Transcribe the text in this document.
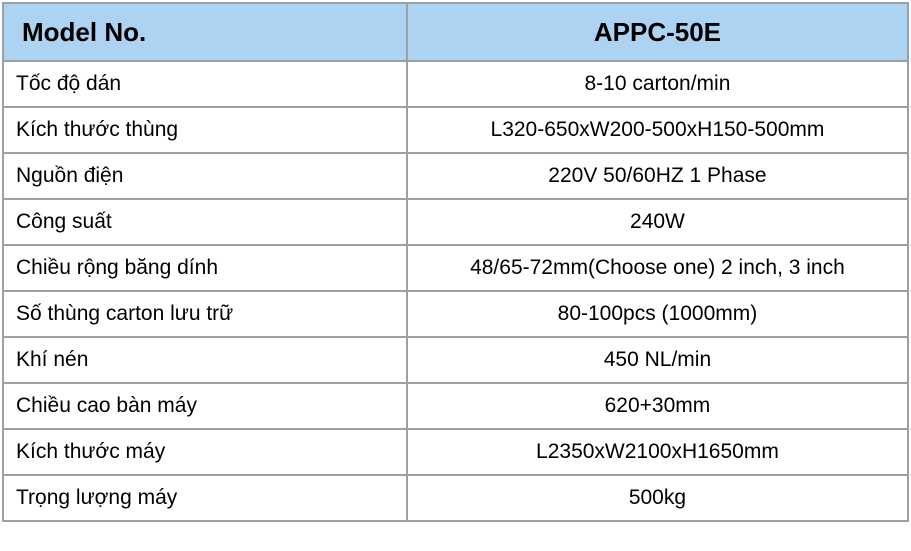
Model No.	APPC-50E
Tốc độ dán	8-10 carton/min
Kích thước thùng	L320-650xW200-500xH150-500mm
Nguồn điện	220V 50/60HZ 1 Phase
Công suất	240W
Chiều rộng băng dính	48/65-72mm(Choose one) 2 inch, 3 inch
Số thùng carton lưu trữ	80-100pcs (1000mm)
Khí nén	450 NL/min
Chiều cao bàn máy	620+30mm
Kích thước máy	L2350xW2100xH1650mm
Trọng lượng máy	500kg
